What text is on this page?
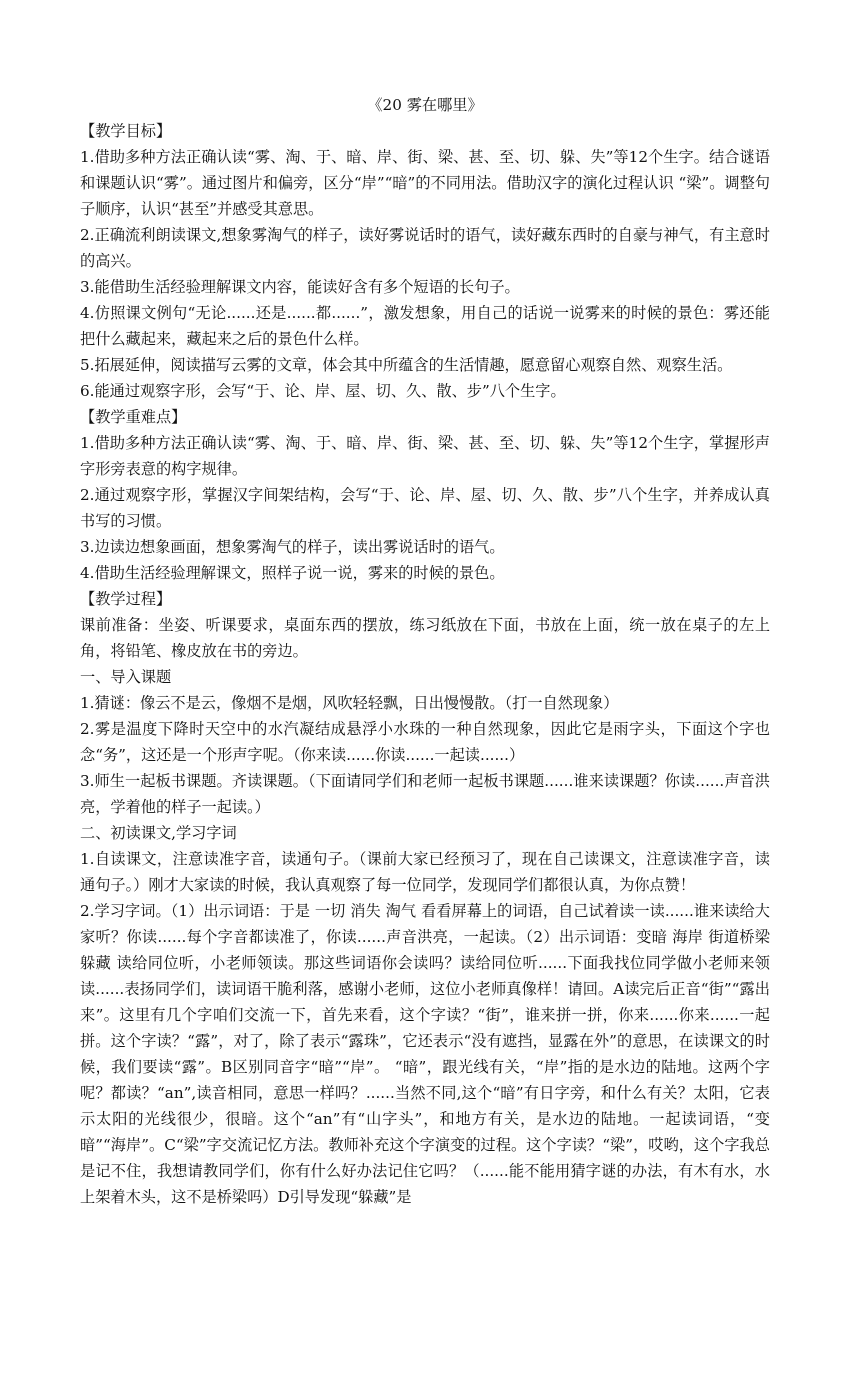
《20 雾在哪里》

【教学目标】

1.借助多种方法正确认读“雾、淘、于、暗、岸、街、梁、甚、至、切、躲、失”等12个生字。结合谜语和课题认识“雾”。通过图片和偏旁，区分“岸”“暗”的不同用法。借助汉字的演化过程认识 “梁”。调整句子顺序，认识“甚至”并感受其意思。

2.正确流利朗读课文,想象雾淘气的样子，读好雾说话时的语气，读好藏东西时的自豪与神气，有主意时的高兴。

3.能借助生活经验理解课文内容，能读好含有多个短语的长句子。

4.仿照课文例句“无论......还是......都......”，激发想象，用自己的话说一说雾来的时候的景色：雾还能把什么藏起来，藏起来之后的景色什么样。

5.拓展延伸，阅读描写云雾的文章，体会其中所蕴含的生活情趣，愿意留心观察自然、观察生活。

6.能通过观察字形，会写“于、论、岸、屋、切、久、散、步”八个生字。

【教学重难点】

1.借助多种方法正确认读“雾、淘、于、暗、岸、街、梁、甚、至、切、躲、失”等12个生字，掌握形声字形旁表意的构字规律。

2.通过观察字形，掌握汉字间架结构，会写“于、论、岸、屋、切、久、散、步”八个生字，并养成认真书写的习惯。

3.边读边想象画面，想象雾淘气的样子，读出雾说话时的语气。

4.借助生活经验理解课文，照样子说一说，雾来的时候的景色。

【教学过程】

课前准备：坐姿、听课要求，桌面东西的摆放，练习纸放在下面，书放在上面，统一放在桌子的左上角，将铅笔、橡皮放在书的旁边。

一、导入课题

1.猜谜：像云不是云，像烟不是烟，风吹轻轻飘，日出慢慢散。（打一自然现象）

2.雾是温度下降时天空中的水汽凝结成悬浮小水珠的一种自然现象，因此它是雨字头，下面这个字也念“务”，这还是一个形声字呢。（你来读......你读......一起读......）

3.师生一起板书课题。齐读课题。（下面请同学们和老师一起板书课题......谁来读课题？你读......声音洪亮，学着他的样子一起读。）

二、初读课文,学习字词

1.自读课文，注意读准字音，读通句子。（课前大家已经预习了，现在自己读课文，注意读准字音，读通句子。）刚才大家读的时候，我认真观察了每一位同学，发现同学们都很认真，为你点赞！

2.学习字词。（1）出示词语：于是 一切 消失 淘气 看看屏幕上的词语，自己试着读一读......谁来读给大家听？你读......每个字音都读准了，你读......声音洪亮，一起读。（2）出示词语：变暗 海岸 街道桥梁 躲藏 读给同位听，小老师领读。那这些词语你会读吗？读给同位听......下面我找位同学做小老师来领读......表扬同学们，读词语干脆利落，感谢小老师，这位小老师真像样！请回。A读完后正音“街”“露出来”。这里有几个字咱们交流一下，首先来看，这个字读？“街”，谁来拼一拼，你来......你来......一起拼。这个字读？“露”，对了，除了表示“露珠”，它还表示“没有遮挡，显露在外”的意思，在读课文的时候，我们要读“露”。B区别同音字“暗”“岸”。 “暗”，跟光线有关，“岸”指的是水边的陆地。这两个字呢？都读？“an”,读音相同，意思一样吗？......当然不同,这个“暗”有日字旁，和什么有关？太阳，它表示太阳的光线很少，很暗。这个“an”有“山字头”，和地方有关，是水边的陆地。一起读词语，“变暗”“海岸”。C“梁”字交流记忆方法。教师补充这个字演变的过程。这个字读？“梁”，哎哟，这个字我总是记不住，我想请教同学们，你有什么好办法记住它吗？（......能不能用猜字谜的办法，有木有水，水上架着木头，这不是桥梁吗）D引导发现“躲藏”是
